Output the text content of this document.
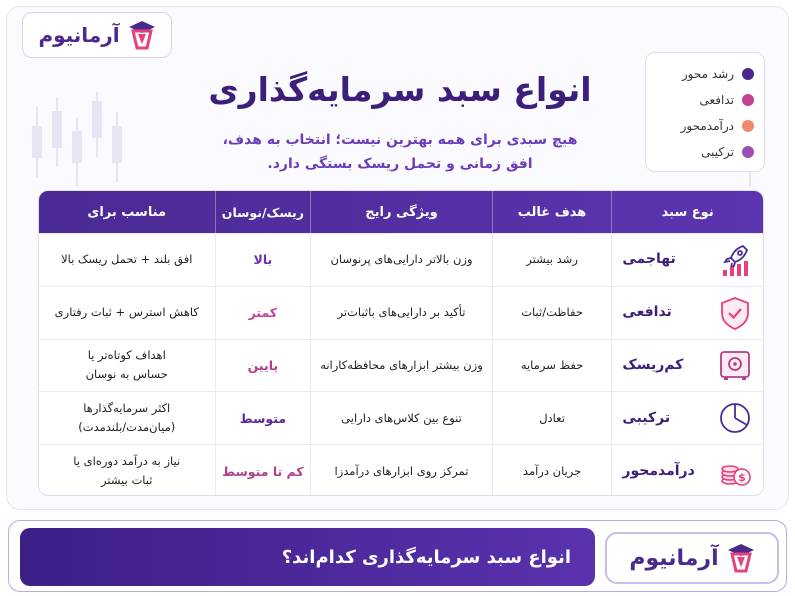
آرمانیوم
رشد محور
تدافعی
درآمدمحور
ترکیبی
انواع سبد سرمایه‌گذاری
هیچ سبدی برای همه بهترین نیست؛ انتخاب به هدف،
افق زمانی و تحمل ریسک بستگی دارد.
نوع سبد
هدف غالب
ویژگی رایج
ریسک/نوسان
مناسب برای
تهاجمی
رشد بیشتر
وزن بالاتر دارایی‌های پرنوسان
بالا
افق بلند + تحمل ریسک بالا
تدافعی
حفاظت/ثبات
تأکید بر دارایی‌های باثبات‌تر
کمتر
کاهش استرس + ثبات رفتاری
کم‌ریسک
حفظ سرمایه
وزن بیشتر ابزارهای محافظه‌کارانه
پایین
اهداف کوتاه‌تر یا
حساس به نوسان
ترکیبی
تعادل
تنوع بین کلاس‌های دارایی
متوسط
اکثر سرمایه‌گذارها
(میان‌مدت/بلندمدت)
$
درآمدمحور
جریان درآمد
تمرکز روی ابزارهای درآمدزا
کم تا متوسط
نیاز به درآمد دوره‌ای یا
ثبات بیشتر
انواع سبد سرمایه‌گذاری کدام‌اند؟	آرمانیوم
